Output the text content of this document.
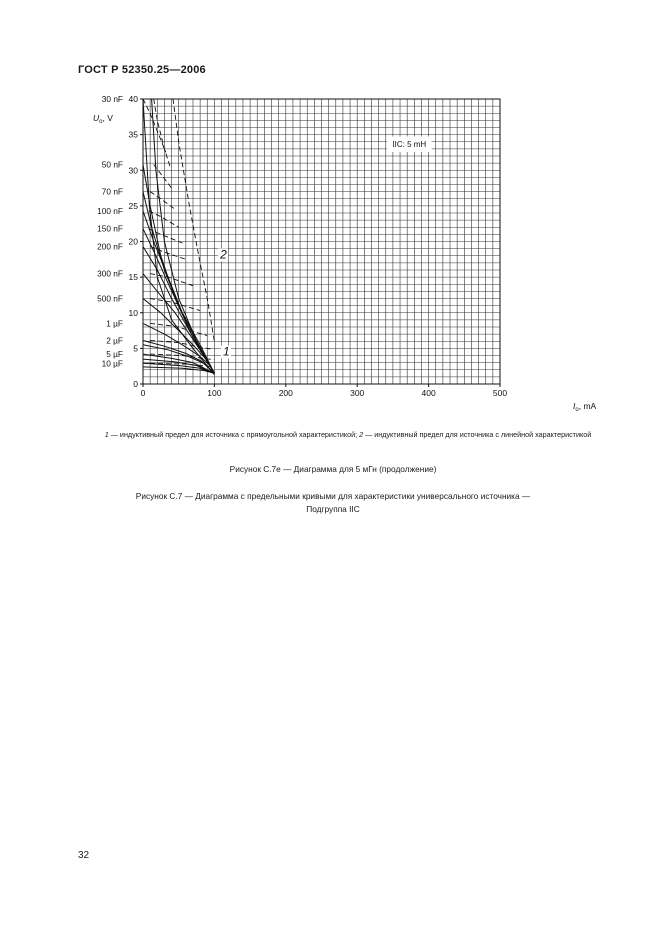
ГОСТ Р 52350.25—2006
IIC: 5 mH
1
2
0	100	200	300	400	500
0
5
10
15
20
25
30
35
40
30 nF
50 nF
70 nF
100 nF
150 nF
200 nF
300 nF
500 nF
1 µF
2 µF
5 µF
10 µF
$U_o$, V
$I_o$, mA
1 — индуктивный предел для источника с прямоугольной характеристикой; 2 — индуктивный предел для источника с линейной характеристикой
Рисунок С.7е — Диаграмма для 5 мГн (продолжение)
Рисунок С.7 — Диаграмма с предельными кривыми для характеристики универсального источника —
Подгруппа IIC
32
